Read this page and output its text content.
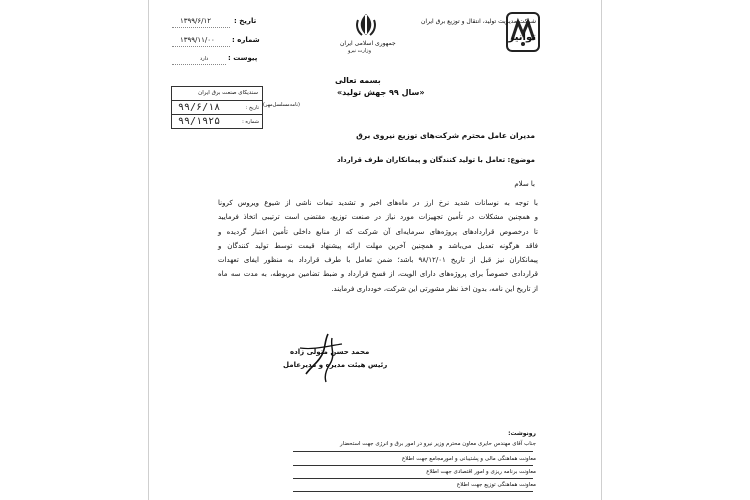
شرکت مدیریت تولید، انتقال و توزیع برق ایران
توانیر
جمهوری اسلامی ایران
وزارت نیرو
تاریخ :
۱۳۹۹/۶/۱۲
شماره :
۱۳۹۹/۱۱/۰۰
پیوست :
دارد
بسمه تعالی
«سال ۹۹ جهش تولید»
(نامه‌مسلسل‌مهر)
سندیکای صنعت برق ایران
تاریخ :
۹۹/۶/۱۸
شماره :
۹۹/۱۹۲۵
مدیران عامل محترم شرکت‌های توزیع نیروی برق
موضوع: تعامل با تولید کنندگان و پیمانکاران طرف قرارداد
با سلام
با توجه به نوسانات شدید نرخ ارز در ماه‌های اخیر و تشدید تبعات ناشی از شیوع ویروس کرونا
و همچنین مشکلات در تأمین تجهیزات مورد نیاز در صنعت توزیع، مقتضی است ترتیبی اتخاذ فرمایید
تا درخصوص قراردادهای پروژه‌های سرمایه‌ای آن شرکت که از منابع داخلی تأمین اعتبار گردیده و
فاقد هرگونه تعدیل می‌باشد و همچنین آخرین مهلت ارائه پیشنهاد قیمت توسط تولید کنندگان و
پیمانکاران نیز قبل از تاریخ ۹۸/۱۲/۰۱ باشد؛ ضمن تعامل با طرف قرارداد به منظور ایفای تعهدات
قراردادی خصوصاً برای پروژه‌های دارای الویت، از فسخ قرارداد و ضبط تضامین مربوطه، به مدت سه ماه
از تاریخ این نامه، بدون اخذ نظر مشورتی این شرکت، خودداری فرمایند.
محمد حسن متولی زاده
رئیس هیئت مدیره و مدیرعامل
رونوشت:
جناب آقای مهندس حایری معاون محترم وزیر نیرو در امور برق و انرژی جهت استحضار
معاونت هماهنگی مالی و پشتیبانی و امورمجامع جهت اطلاع
معاونت برنامه ریزی و امور اقتصادی جهت اطلاع
معاونت هماهنگی توزیع جهت اطلاع
